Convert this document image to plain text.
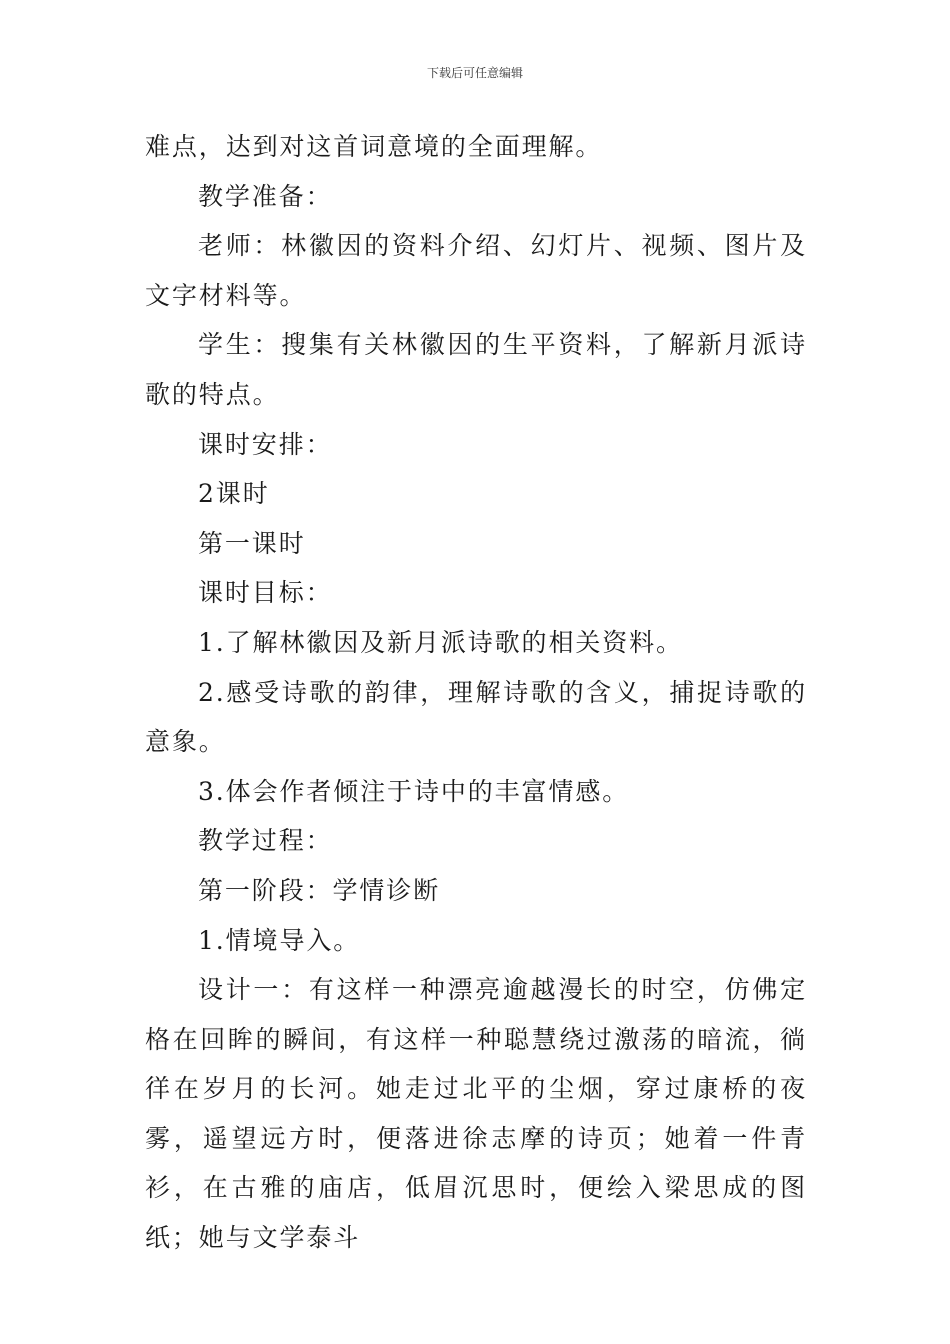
下载后可任意编辑

难点，达到对这首词意境的全面理解。

教学准备：

老师：林徽因的资料介绍、幻灯片、视频、图片及文字材料等。

学生：搜集有关林徽因的生平资料，了解新月派诗歌的特点。

课时安排：

2课时

第一课时

课时目标：

1.了解林徽因及新月派诗歌的相关资料。

2.感受诗歌的韵律，理解诗歌的含义，捕捉诗歌的意象。

3.体会作者倾注于诗中的丰富情感。

教学过程：

第一阶段：学情诊断

1.情境导入。

设计一：有这样一种漂亮逾越漫长的时空，仿佛定格在回眸的瞬间，有这样一种聪慧绕过激荡的暗流，徜徉在岁月的长河。她走过北平的尘烟，穿过康桥的夜雾，遥望远方时，便落进徐志摩的诗页；她着一件青衫，在古雅的庙店，低眉沉思时，便绘入梁思成的图纸；她与文学泰斗
